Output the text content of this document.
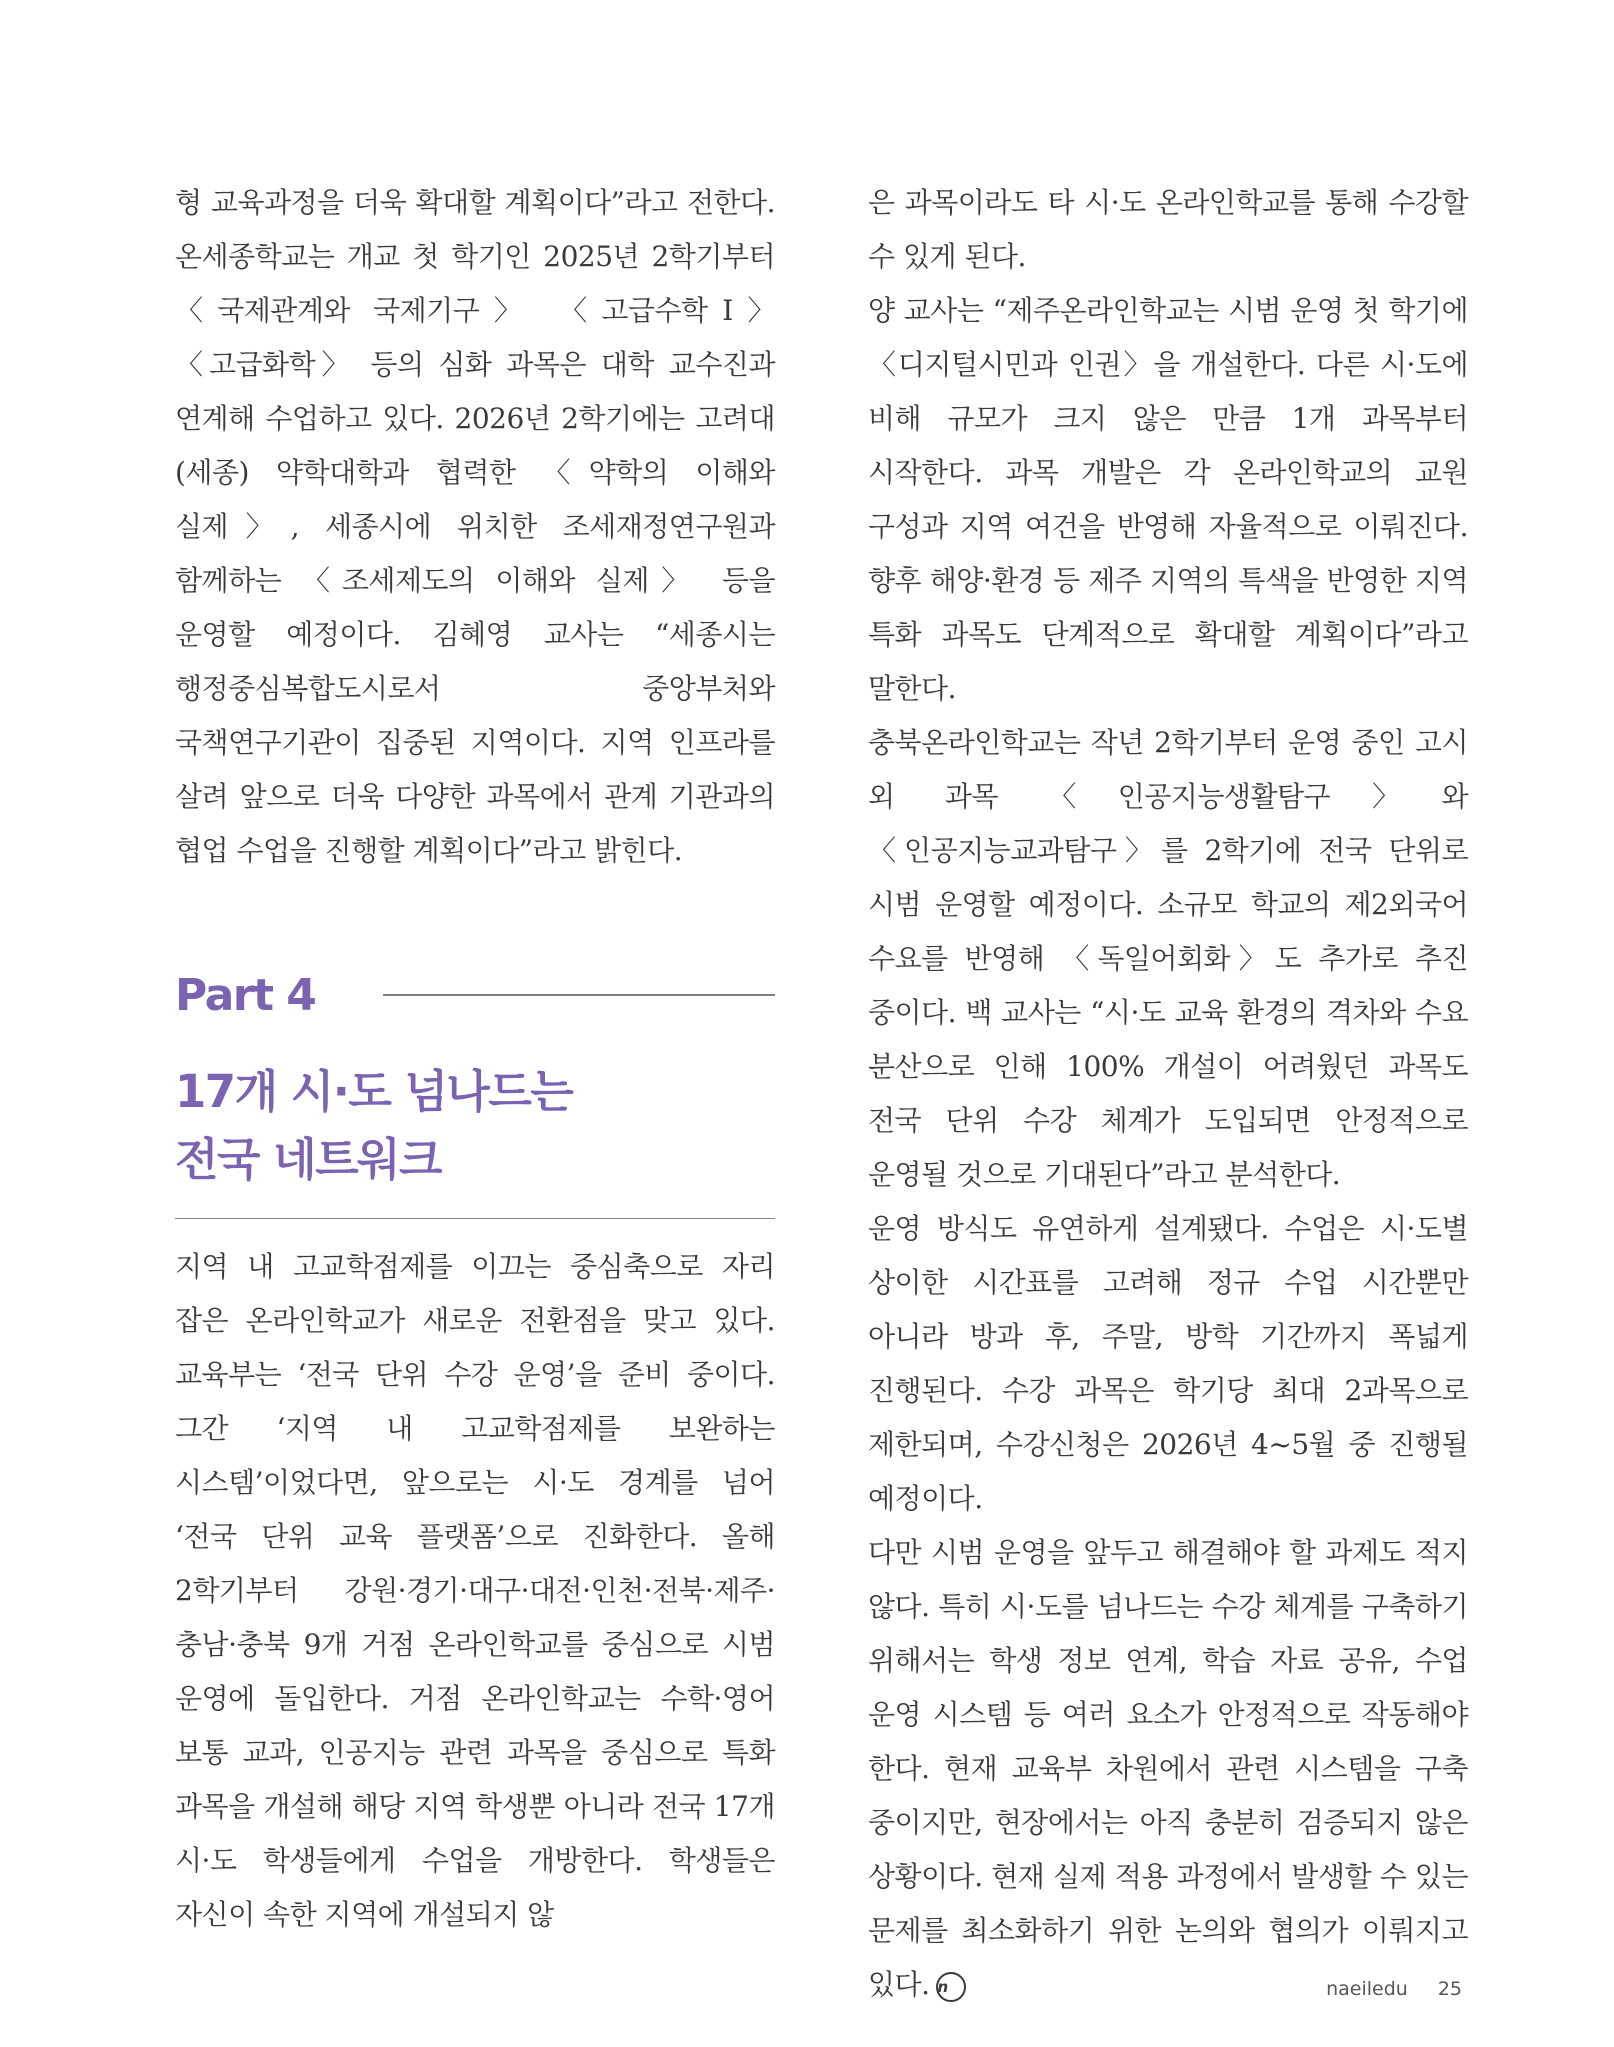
형 교육과정을 더욱 확대할 계획이다”라고 전한다. 온세종학교는 개교 첫 학기인 2025년 2학기부터 〈국제관계와 국제기구〉 〈고급수학Ⅰ〉 〈고급화학〉 등의 심화 과목은 대학 교수진과 연계해 수업하고 있다. 2026년 2학기에는 고려대(세종) 약학대학과 협력한 〈약학의 이해와 실제〉, 세종시에 위치한 조세재정연구원과 함께하는 〈조세제도의 이해와 실제〉 등을 운영할 예정이다. 김혜영 교사는 “세종시는 행정중심복합도시로서 중앙부처와 국책연구기관이 집중된 지역이다. 지역 인프라를 살려 앞으로 더욱 다양한 과목에서 관계 기관과의 협업 수업을 진행할 계획이다”라고 밝힌다.

Part 4
17개 시·도 넘나드는
전국 네트워크

지역 내 고교학점제를 이끄는 중심축으로 자리 잡은 온라인학교가 새로운 전환점을 맞고 있다. 교육부는 ‘전국 단위 수강 운영’을 준비 중이다. 그간 ‘지역 내 고교학점제를 보완하는 시스템’이었다면, 앞으로는 시·도 경계를 넘어 ‘전국 단위 교육 플랫폼’으로 진화한다. 올해 2학기부터 강원·경기·대구·대전·인천·전북·제주·충남·충북 9개 거점 온라인학교를 중심으로 시범 운영에 돌입한다. 거점 온라인학교는 수학·영어 보통 교과, 인공지능 관련 과목을 중심으로 특화 과목을 개설해 해당 지역 학생뿐 아니라 전국 17개 시·도 학생들에게 수업을 개방한다. 학생들은 자신이 속한 지역에 개설되지 않

은 과목이라도 타 시·도 온라인학교를 통해 수강할 수 있게 된다.

양 교사는 “제주온라인학교는 시범 운영 첫 학기에 〈디지털시민과 인권〉을 개설한다. 다른 시·도에 비해 규모가 크지 않은 만큼 1개 과목부터 시작한다. 과목 개발은 각 온라인학교의 교원 구성과 지역 여건을 반영해 자율적으로 이뤄진다. 향후 해양·환경 등 제주 지역의 특색을 반영한 지역 특화 과목도 단계적으로 확대할 계획이다”라고 말한다.

충북온라인학교는 작년 2학기부터 운영 중인 고시 외 과목 〈인공지능생활탐구〉와 〈인공지능교과탐구〉를 2학기에 전국 단위로 시범 운영할 예정이다. 소규모 학교의 제2외국어 수요를 반영해 〈독일어회화〉도 추가로 추진 중이다. 백 교사는 “시·도 교육 환경의 격차와 수요 분산으로 인해 100% 개설이 어려웠던 과목도 전국 단위 수강 체계가 도입되면 안정적으로 운영될 것으로 기대된다”라고 분석한다.

운영 방식도 유연하게 설계됐다. 수업은 시·도별 상이한 시간표를 고려해 정규 수업 시간뿐만 아니라 방과 후, 주말, 방학 기간까지 폭넓게 진행된다. 수강 과목은 학기당 최대 2과목으로 제한되며, 수강신청은 2026년 4~5월 중 진행될 예정이다.

다만 시범 운영을 앞두고 해결해야 할 과제도 적지 않다. 특히 시·도를 넘나드는 수강 체계를 구축하기 위해서는 학생 정보 연계, 학습 자료 공유, 수업 운영 시스템 등 여러 요소가 안정적으로 작동해야 한다. 현재 교육부 차원에서 관련 시스템을 구축 중이지만, 현장에서는 아직 충분히 검증되지 않은 상황이다. 현재 실제 적용 과정에서 발생할 수 있는 문제를 최소화하기 위한 논의와 협의가 이뤄지고 있다. n	naeiledu 25
